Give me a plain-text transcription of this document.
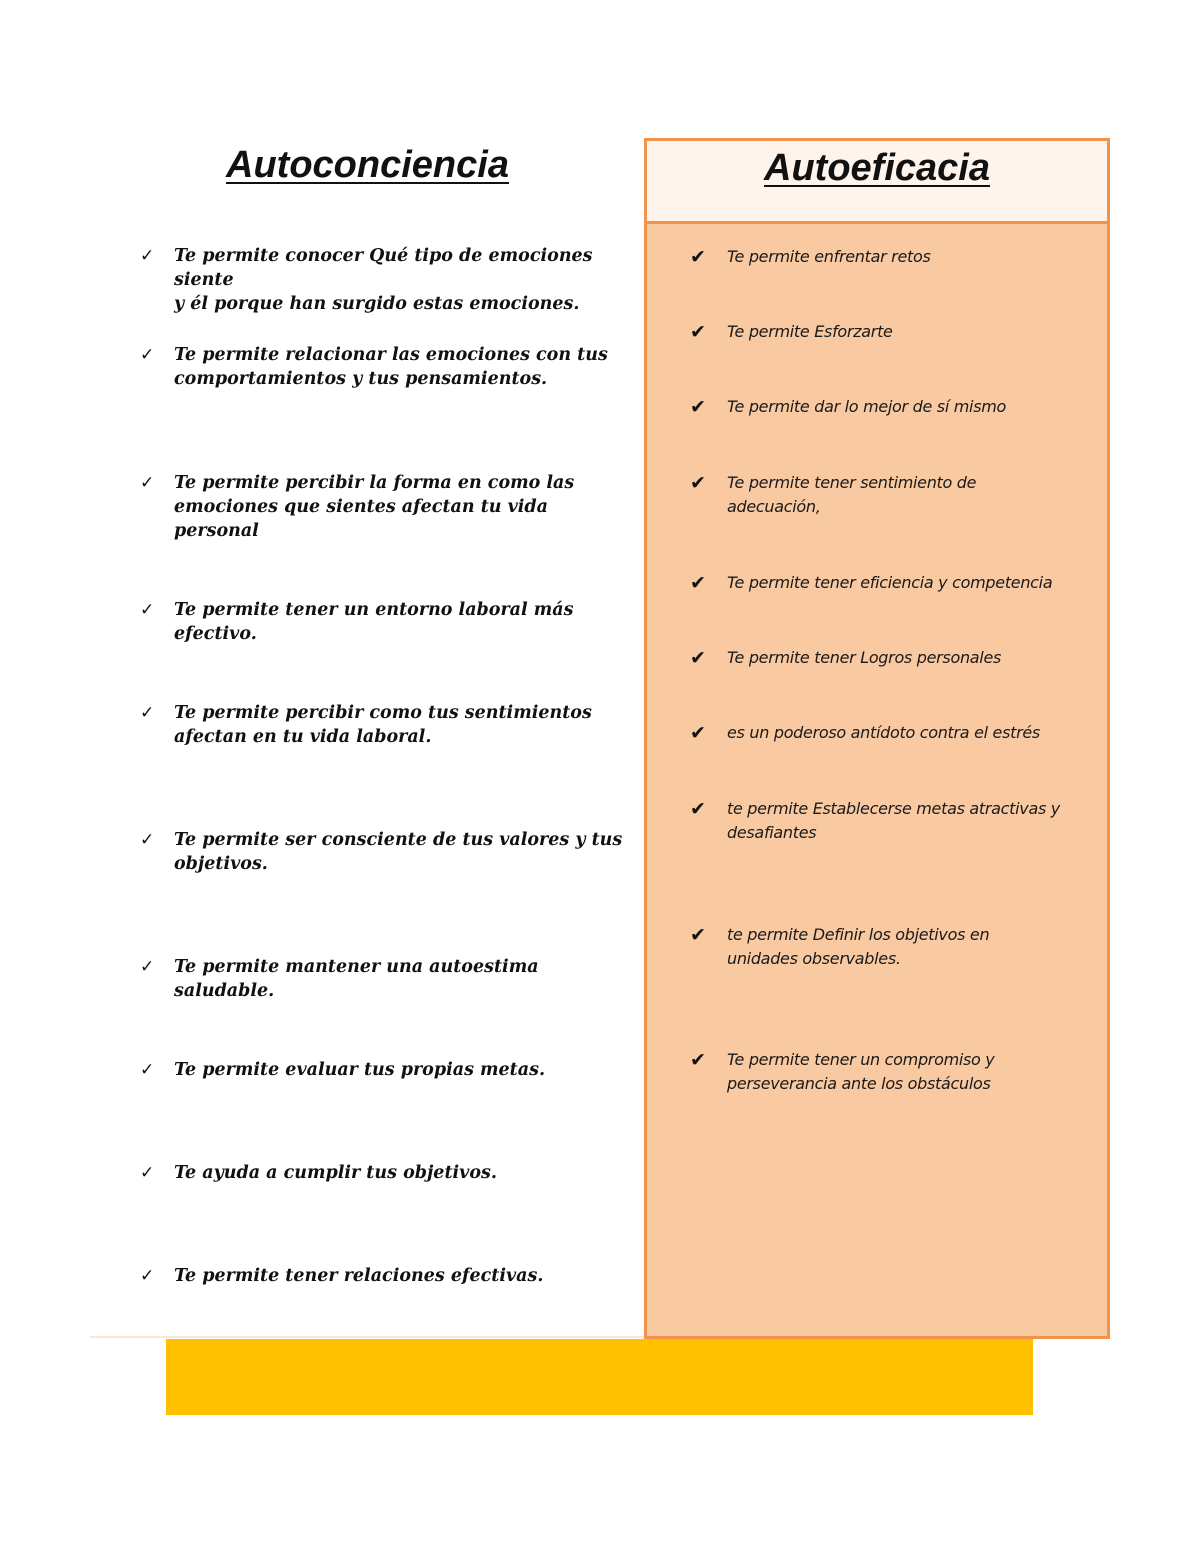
Autoconciencia
✓	Te permite conocer Qué tipo de emociones siente
y él porque han surgido estas emociones.
✓	Te permite relacionar las emociones con tus
comportamientos y tus pensamientos.
✓	Te permite percibir la forma en como las
emociones que sientes afectan tu vida personal
✓	Te permite tener un entorno laboral más efectivo.
✓	Te permite percibir como tus sentimientos
afectan en tu vida laboral.
✓	Te permite ser consciente de tus valores y tus
objetivos.
✓	Te permite mantener una autoestima saludable.
✓	Te permite evaluar tus propias metas.
✓	Te ayuda a cumplir tus objetivos.
✓	Te permite tener relaciones efectivas.
Autoeficacia
✔	Te permite enfrentar retos
✔	Te permite Esforzarte
✔	Te permite dar lo mejor de sí mismo
✔	Te permite tener sentimiento de
adecuación,
✔	Te permite tener eficiencia y competencia
✔	Te permite tener Logros personales
✔	es un poderoso antídoto contra el estrés
✔	te permite Establecerse metas atractivas y
desafiantes
✔	te permite Definir los objetivos en
unidades observables.
✔	Te permite tener un compromiso y
perseverancia ante los obstáculos
